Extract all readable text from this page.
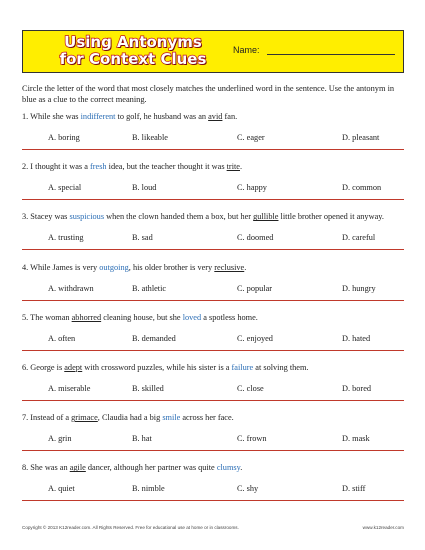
Using Antonyms
for Context Clues	Name:
Circle the letter of the word that most closely matches the underlined word in the sentence. Use the antonym in blue as a clue to the correct meaning.
1. While she was indifferent to golf, he husband was an avid fan.
A. boring	B. likeable	C. eager	D. pleasant
2. I thought it was a fresh idea, but the teacher thought it was trite.
A. special	B. loud	C. happy	D. common
3. Stacey was suspicious when the clown handed them a box, but her gullible little brother opened it anyway.
A. trusting	B. sad	C. doomed	D. careful
4. While James is very outgoing, his older brother is very reclusive.
A. withdrawn	B. athletic	C. popular	D. hungry
5. The woman abhorred cleaning house, but she loved a spotless home.
A. often	B. demanded	C. enjoyed	D. hated
6. George is adept with crossword puzzles, while his sister is a failure at solving them.
A. miserable	B. skilled	C. close	D. bored
7. Instead of a grimace, Claudia had a big smile across her face.
A. grin	B. hat	C. frown	D. mask
8. She was an agile dancer, although her partner was quite clumsy.
A. quiet	B. nimble	C. shy	D. stiff
Copyright © 2013 K12reader.com. All Rights Reserved. Free for educational use at home or in classrooms.	www.k12reader.com
